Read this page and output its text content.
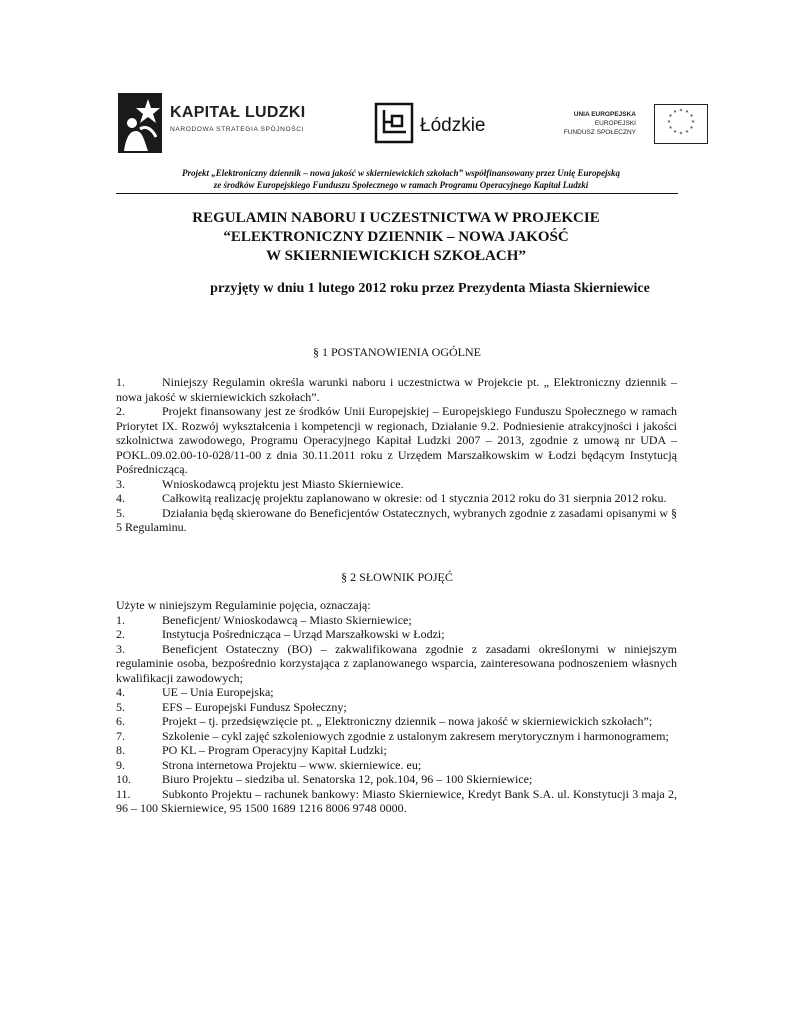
KAPITAŁ LUDZKI
NARODOWA STRATEGIA SPÓJNOŚCI	Łódzkie
UNIA EUROPEJSKA
EUROPEJSKI
FUNDUSZ SPOŁECZNY
* *
*
*
*
*
*
*
*
*
*
*
Projekt „Elektroniczny dziennik – nowa jakość w skierniewickich szkołach” współfinansowany przez Unię Europejską
ze środków Europejskiego Funduszu Społecznego w ramach Programu Operacyjnego Kapitał Ludzki
REGULAMIN NABORU I UCZESTNICTWA W PROJEKCIE
“ELEKTRONICZNY DZIENNIK – NOWA JAKOŚĆ
W SKIERNIEWICKICH SZKOŁACH”
przyjęty w dniu 1 lutego 2012 roku przez Prezydenta Miasta Skierniewice
§ 1 POSTANOWIENIA OGÓLNE
1.	Niniejszy Regulamin określa warunki naboru i uczestnictwa w Projekcie pt. „ Elektroniczny dziennik – nowa jakość w skierniewickich szkołach”.
2.	Projekt finansowany jest ze środków Unii Europejskiej – Europejskiego Funduszu Społecznego w ramach Priorytet IX. Rozwój wykształcenia i kompetencji w regionach, Działanie 9.2. Podniesienie atrakcyjności i jakości szkolnictwa zawodowego, Programu Operacyjnego Kapitał Ludzki 2007 – 2013, zgodnie z umową nr UDA – POKL.09.02.00-10-028/11-00 z dnia 30.11.2011 roku z Urzędem Marszałkowskim w Łodzi będącym Instytucją Pośredniczącą.
3.	Wnioskodawcą projektu jest Miasto Skierniewice.
4.	Całkowitą realizację projektu zaplanowano w okresie: od 1 stycznia 2012 roku do 31 sierpnia 2012 roku.
5.	Działania będą skierowane do Beneficjentów Ostatecznych, wybranych zgodnie z zasadami opisanymi w § 5 Regulaminu.
§ 2 SŁOWNIK POJĘĆ
Użyte w niniejszym Regulaminie pojęcia, oznaczają:
1.	Beneficjent/ Wnioskodawcą – Miasto Skierniewice;
2.	Instytucja Pośrednicząca – Urząd Marszałkowski w Łodzi;
3.	Beneficjent Ostateczny (BO) – zakwalifikowana zgodnie z zasadami określonymi w niniejszym regulaminie osoba, bezpośrednio korzystająca z zaplanowanego wsparcia, zainteresowana podnoszeniem własnych kwalifikacji zawodowych;
4.	UE – Unia Europejska;
5.	EFS – Europejski Fundusz Społeczny;
6.	Projekt – tj. przedsięwzięcie pt. „ Elektroniczny dziennik – nowa jakość w skierniewickich szkołach”;
7.	Szkolenie – cykl zajęć szkoleniowych zgodnie z ustalonym zakresem merytorycznym i harmonogramem;
8.	PO KL – Program Operacyjny Kapitał Ludzki;
9.	Strona internetowa Projektu – www. skierniewice. eu;
10.	Biuro Projektu – siedziba ul. Senatorska 12, pok.104, 96 – 100 Skierniewice;
11.	Subkonto Projektu – rachunek bankowy: Miasto Skierniewice, Kredyt Bank S.A. ul. Konstytucji 3 maja 2, 96 – 100 Skierniewice, 95 1500 1689 1216 8006 9748 0000.
